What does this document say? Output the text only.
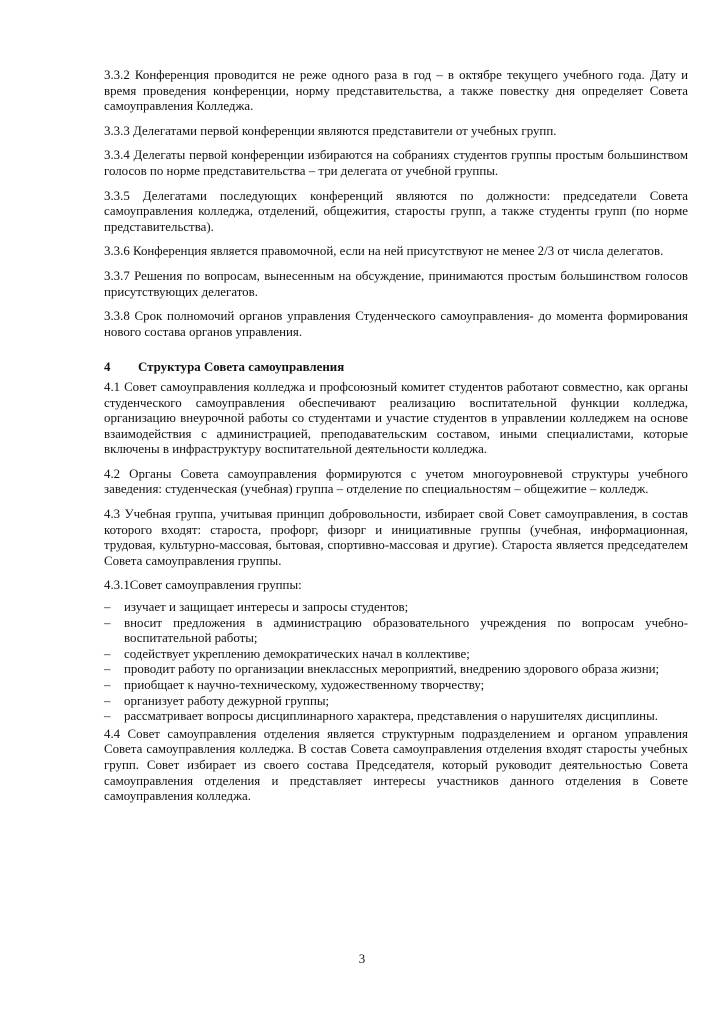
3.3.2 Конференция проводится не реже одного раза в год – в октябре текущего учебного года. Дату и время проведения конференции, норму представительства, а также повестку дня определяет Совета самоуправления Колледжа.

3.3.3 Делегатами первой конференции являются представители от учебных групп.

3.3.4 Делегаты первой конференции избираются на собраниях студентов группы простым большинством голосов по норме представительства – три делегата от учебной группы.

3.3.5 Делегатами последующих конференций являются по должности: председатели Совета самоуправления колледжа, отделений, общежития, старосты групп, а также студенты групп (по норме представительства).

3.3.6 Конференция является правомочной, если на ней присутствуют не менее 2/3 от числа делегатов.

3.3.7 Решения по вопросам, вынесенным на обсуждение, принимаются простым большинством голосов присутствующих делегатов.

3.3.8 Срок полномочий органов управления Студенческого самоуправления- до момента формирования нового состава органов управления.

4	Структура Совета самоуправления

4.1 Совет самоуправления колледжа и профсоюзный комитет студентов работают совместно, как органы студенческого самоуправления обеспечивают реализацию воспитательной функции колледжа, организацию внеурочной работы со студентами и участие студентов в управлении колледжем на основе взаимодействия с администрацией, преподавательским составом, иными специалистами, которые включены в инфраструктуру воспитательной деятельности колледжа.

4.2 Органы Совета самоуправления формируются с учетом многоуровневой структуры учебного заведения: студенческая (учебная) группа – отделение по специальностям – общежитие – колледж.

4.3 Учебная группа, учитывая принцип добровольности, избирает свой Совет самоуправления, в состав которого входят: староста, профорг, физорг и инициативные группы (учебная, информационная, трудовая, культурно-массовая, бытовая, спортивно-массовая и другие). Староста является председателем Совета самоуправления группы.

4.3.1Совет самоуправления группы:

–	изучает и защищает интересы и запросы студентов;
–	вносит предложения в администрацию образовательного учреждения по вопросам учебно-воспитательной работы;
–	содействует укреплению демократических начал в коллективе;
–	проводит работу по организации внеклассных мероприятий, внедрению здорового образа жизни;
–	приобщает к научно-техническому, художественному творчеству;
–	организует работу дежурной группы;
–	рассматривает вопросы дисциплинарного характера, представления о нарушителях дисциплины.

4.4 Совет самоуправления отделения является структурным подразделением и органом управления Совета самоуправления колледжа. В состав Совета самоуправления отделения входят старосты учебных групп. Совет избирает из своего состава Председателя, который руководит деятельностью Совета самоуправления отделения и представляет интересы участников данного отделения в Совете самоуправления колледжа.

3
